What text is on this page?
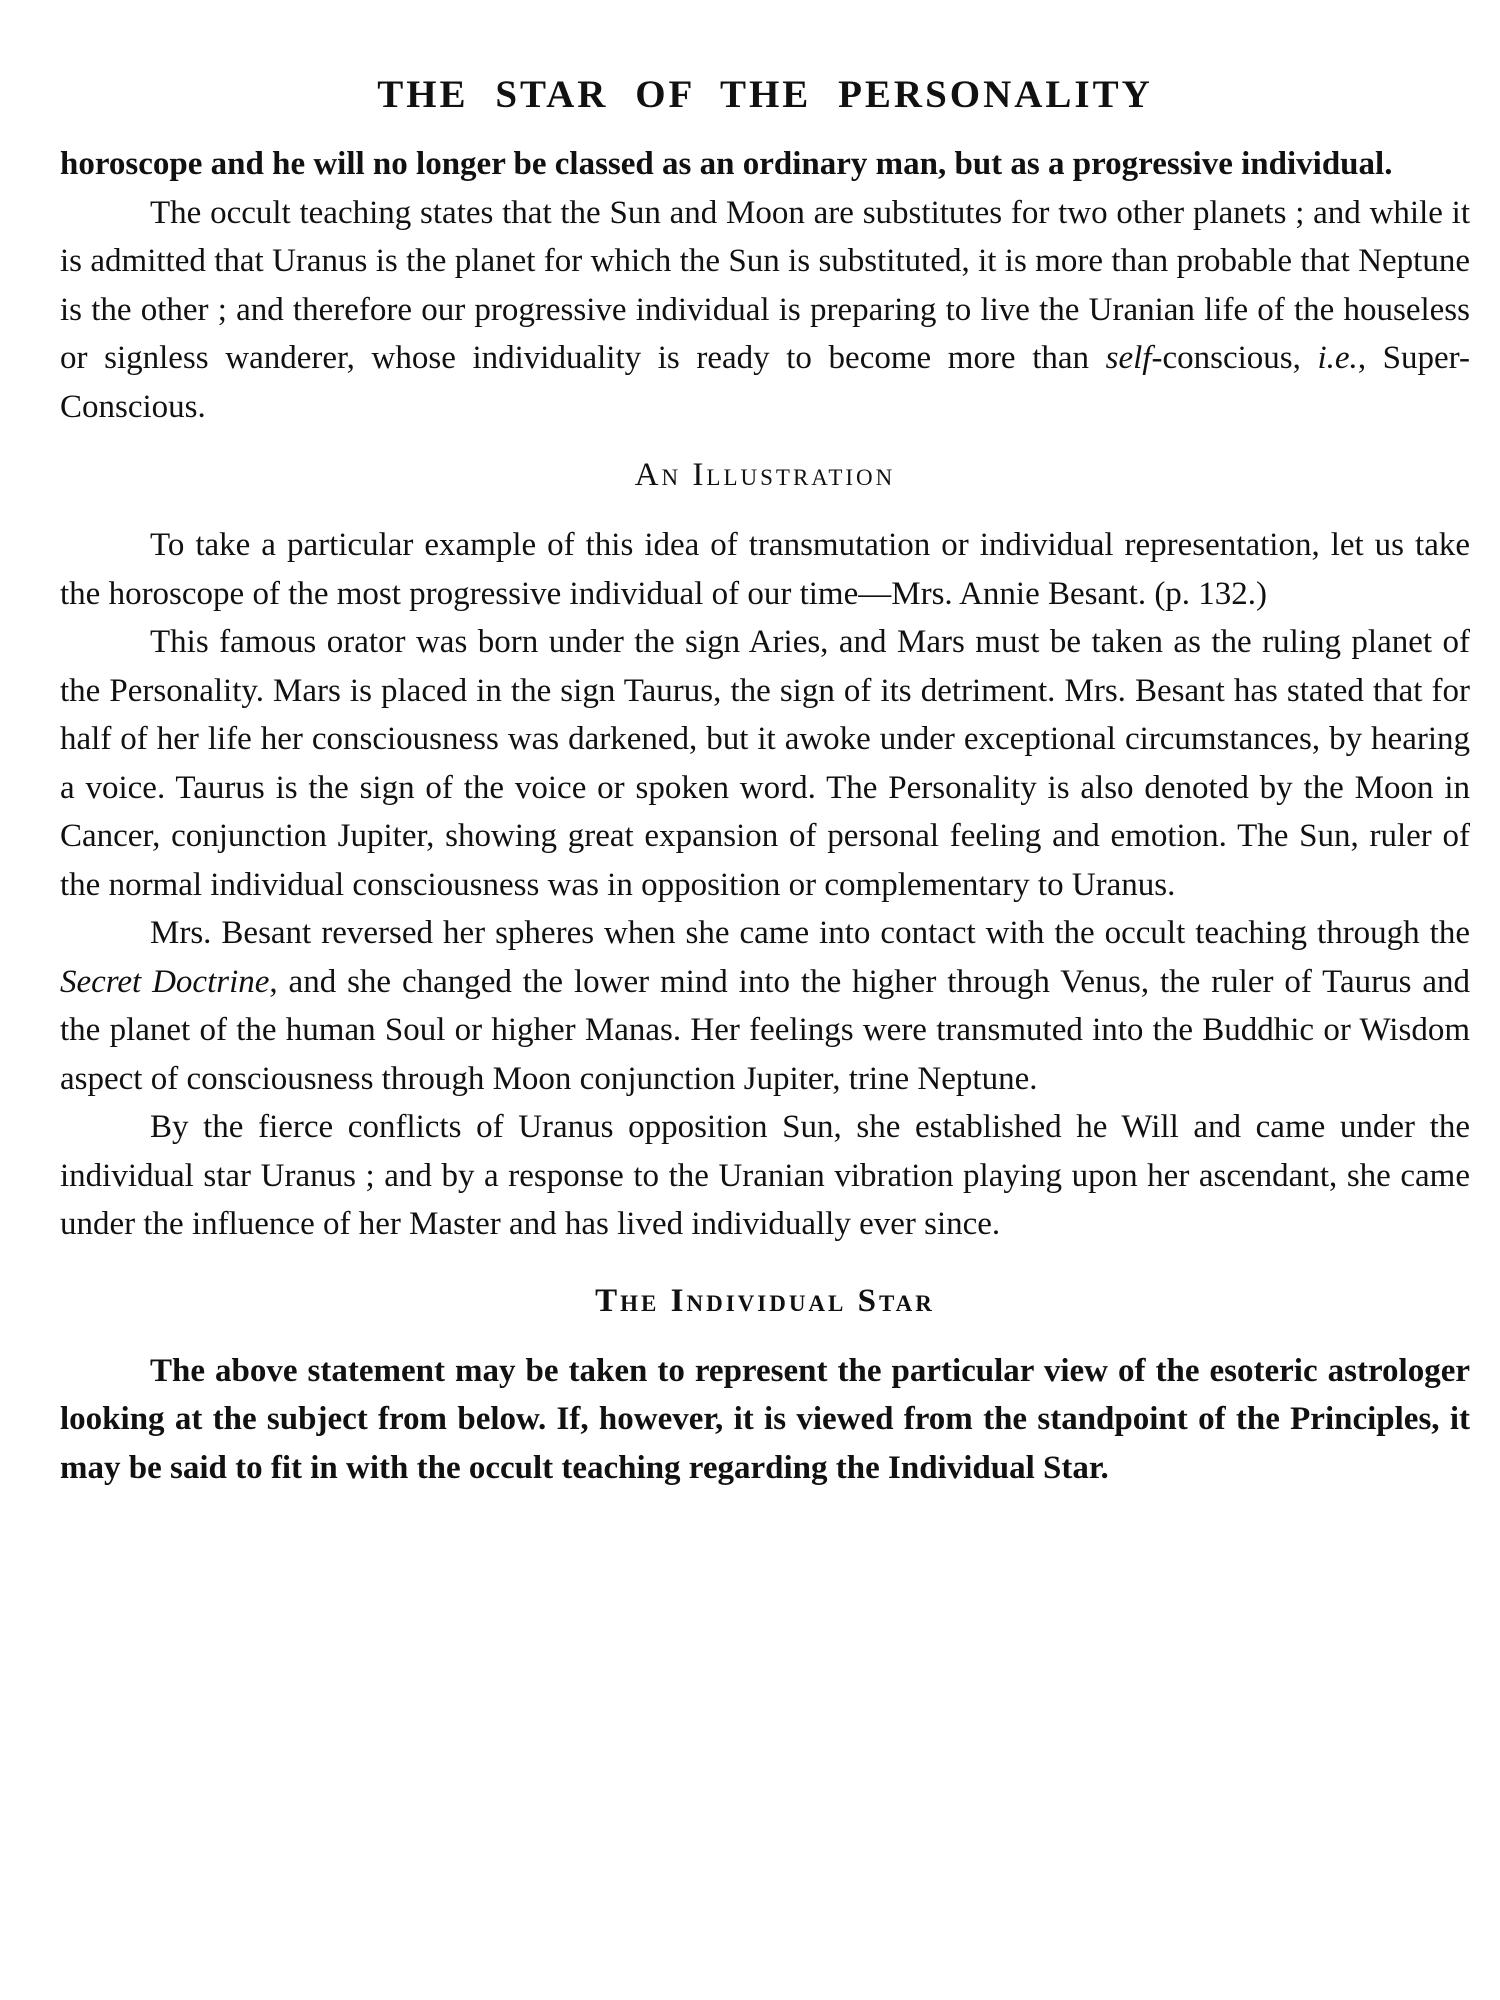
THE STAR OF THE PERSONALITY

horoscope and he will no longer be classed as an ordinary man, but as a progressive individual.

The occult teaching states that the Sun and Moon are substitutes for two other planets ; and while it is admitted that Uranus is the planet for which the Sun is substituted, it is more than probable that Neptune is the other ; and therefore our progressive individual is preparing to live the Uranian life of the houseless or signless wanderer, whose individuality is ready to become more than self-conscious, i.e., Super-Conscious.

An Illustration

To take a particular example of this idea of transmutation or individual representation, let us take the horoscope of the most progressive individual of our time—Mrs. Annie Besant. (p. 132.)

This famous orator was born under the sign Aries, and Mars must be taken as the ruling planet of the Personality. Mars is placed in the sign Taurus, the sign of its detriment. Mrs. Besant has stated that for half of her life her consciousness was darkened, but it awoke under exceptional circumstances, by hearing a voice. Taurus is the sign of the voice or spoken word. The Personality is also denoted by the Moon in Cancer, conjunction Jupiter, showing great expansion of personal feeling and emotion. The Sun, ruler of the normal individual consciousness was in opposition or complementary to Uranus.

Mrs. Besant reversed her spheres when she came into contact with the occult teaching through the Secret Doctrine, and she changed the lower mind into the higher through Venus, the ruler of Taurus and the planet of the human Soul or higher Manas. Her feelings were transmuted into the Buddhic or Wisdom aspect of consciousness through Moon conjunction Jupiter, trine Neptune.

By the fierce conflicts of Uranus opposition Sun, she established he Will and came under the individual star Uranus ; and by a response to the Uranian vibration playing upon her ascendant, she came under the influence of her Master and has lived individually ever since.

The Individual Star

The above statement may be taken to represent the particular view of the esoteric astrologer looking at the subject from below. If, however, it is viewed from the standpoint of the Principles, it may be said to fit in with the occult teaching regarding the Individual Star.
